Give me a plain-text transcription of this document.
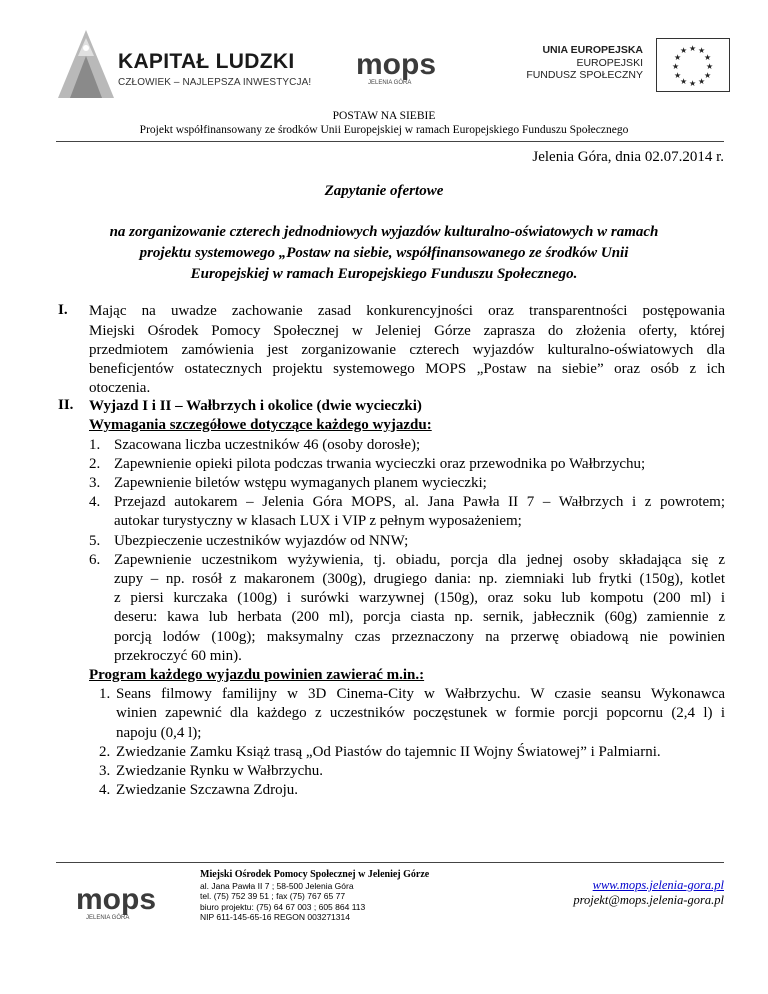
KAPITAŁ LUDZKI
CZŁOWIEK – NAJLEPSZA INWESTYCJA!
mops
JELENIA GÓRA
UNIA EUROPEJSKA
EUROPEJSKI
FUNDUSZ SPOŁECZNY
★ ★
★
★
★
★
★
★
★
★
★
★
POSTAW NA SIEBIE
Projekt współfinansowany ze środków Unii Europejskiej w ramach Europejskiego Funduszu Społecznego
Jelenia Góra, dnia 02.07.2014 r.
Zapytanie ofertowe
na zorganizowanie czterech jednodniowych wyjazdów kulturalno-oświatowych w ramach
projektu systemowego „Postaw na siebie, współfinansowanego ze środków Unii
Europejskiej w ramach Europejskiego Funduszu Społecznego.
I. Mając na uwadze zachowanie zasad konkurencyjności oraz transparentności postępowania
Miejski Ośrodek Pomocy Społecznej w Jeleniej Górze zaprasza do złożenia oferty, której
przedmiotem zamówienia jest zorganizowanie czterech wyjazdów kulturalno-oświatowych dla
beneficjentów ostatecznych projektu systemowego MOPS „Postaw na siebie” oraz osób z ich
otoczenia.
II. Wyjazd I i II – Wałbrzych i okolice (dwie wycieczki)
Wymagania szczegółowe dotyczące każdego wyjazdu:
1. Szacowana liczba uczestników 46 (osoby dorosłe);
2. Zapewnienie opieki pilota podczas trwania wycieczki oraz przewodnika po Wałbrzychu;
3. Zapewnienie biletów wstępu wymaganych planem wycieczki;
4. Przejazd autokarem – Jelenia Góra MOPS, al. Jana Pawła II 7 – Wałbrzych i z powrotem;
autokar turystyczny w klasach LUX i VIP z pełnym wyposażeniem;
5. Ubezpieczenie uczestników wyjazdów od NNW;
6. Zapewnienie uczestnikom wyżywienia, tj. obiadu, porcja dla jednej osoby składająca się z
zupy – np. rosół z makaronem (300g), drugiego dania: np. ziemniaki lub frytki (150g), kotlet
z piersi kurczaka (100g) i surówki warzywnej (150g), oraz soku lub kompotu (200 ml) i
deseru: kawa lub herbata (200 ml), porcja ciasta np. sernik, jabłecznik (60g) zamiennie z
porcją lodów (100g); maksymalny czas przeznaczony na przerwę obiadową nie powinien
przekroczyć 60 min).
Program każdego wyjazdu powinien zawierać m.in.:
1. Seans filmowy familijny w 3D Cinema-City w Wałbrzychu. W czasie seansu Wykonawca
winien zapewnić dla każdego z uczestników poczęstunek w formie porcji popcornu (2,4 l) i
napoju (0,4 l);
2. Zwiedzanie Zamku Książ trasą „Od Piastów do tajemnic II Wojny Światowej” i Palmiarni.
3. Zwiedzanie Rynku w Wałbrzychu.
4. Zwiedzanie Szczawna Zdroju.
mops
JELENIA GÓRA
Miejski Ośrodek Pomocy Społecznej w Jeleniej Górze
al. Jana Pawła II 7 ; 58-500 Jelenia Góra
tel. (75) 752 39 51 ; fax (75) 767 65 77
biuro projektu: (75) 64 67 003 ; 605 864 113
NIP 611-145-65-16 REGON 003271314
www.mops.jelenia-gora.pl
projekt@mops.jelenia-gora.pl
